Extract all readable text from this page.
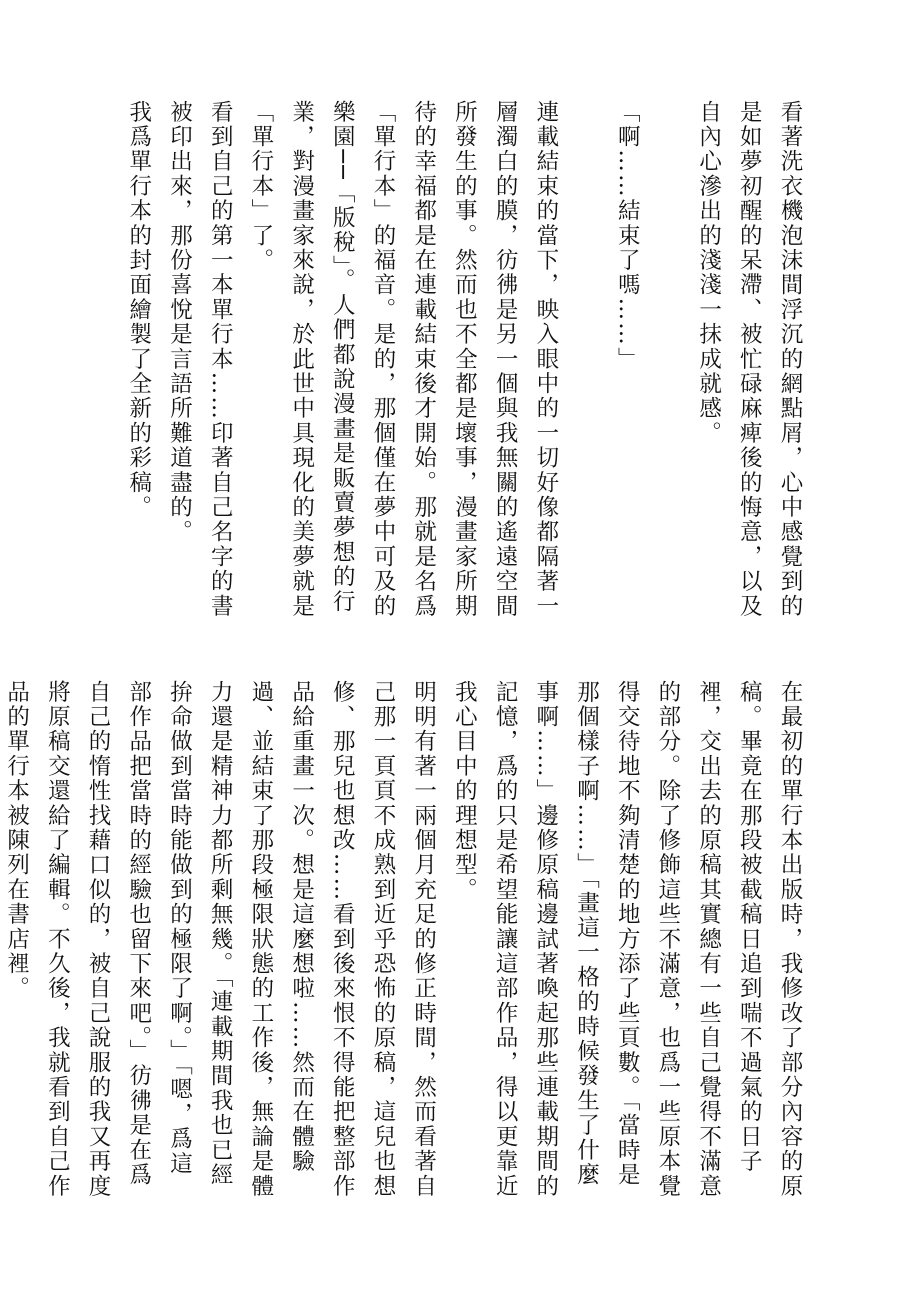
看著洗衣機泡沫間浮沉的網點屑，心中感覺到的是如夢初醒的呆滯、被忙碌麻痺後的悔意，以及自內心滲出的淺淺一抹成就感。
「啊……結束了嗎……」
連載結束的當下，映入眼中的一切好像都隔著一層濁白的膜，彷彿是另一個與我無關的遙遠空間所發生的事。然而也不全都是壞事，漫畫家所期待的幸福都是在連載結束後才開始。那就是名爲「單行本」的福音。是的，那個僅在夢中可及的樂園──「版稅」。人們都說漫畫是販賣夢想的行業，對漫畫家來說，於此世中具現化的美夢就是「單行本」了。
看到自己的第一本單行本……印著自己名字的書被印出來，那份喜悅是言語所難道盡的。
我爲單行本的封面繪製了全新的彩稿。
在最初的單行本出版時，我修改了部分內容的原稿。畢竟在那段被截稿日追到喘不過氣的日子裡，交出去的原稿其實總有一些自己覺得不滿意的部分。除了修飾這些不滿意，也爲一些原本覺得交待地不夠清楚的地方添了些頁數。「當時是那個樣子啊……」「畫這一格的時候發生了什麼事啊……」邊修原稿邊試著喚起那些連載期間的記憶，爲的只是希望能讓這部作品，得以更靠近我心目中的理想型。
明明有著一兩個月充足的修正時間，然而看著自己那一頁頁不成熟到近乎恐怖的原稿，這兒也想修、那兒也想改……看到後來恨不得能把整部作品給重畫一次。想是這麼想啦……然而在體驗過、並結束了那段極限狀態的工作後，無論是體力還是精神力都所剩無幾。「連載期間我也已經拚命做到當時能做到的極限了啊。」「嗯，爲這部作品把當時的經驗也留下來吧。」彷彿是在爲自己的惰性找藉口似的，被自己說服的我又再度將原稿交還給了編輯。不久後，我就看到自己作品的單行本被陳列在書店裡。
